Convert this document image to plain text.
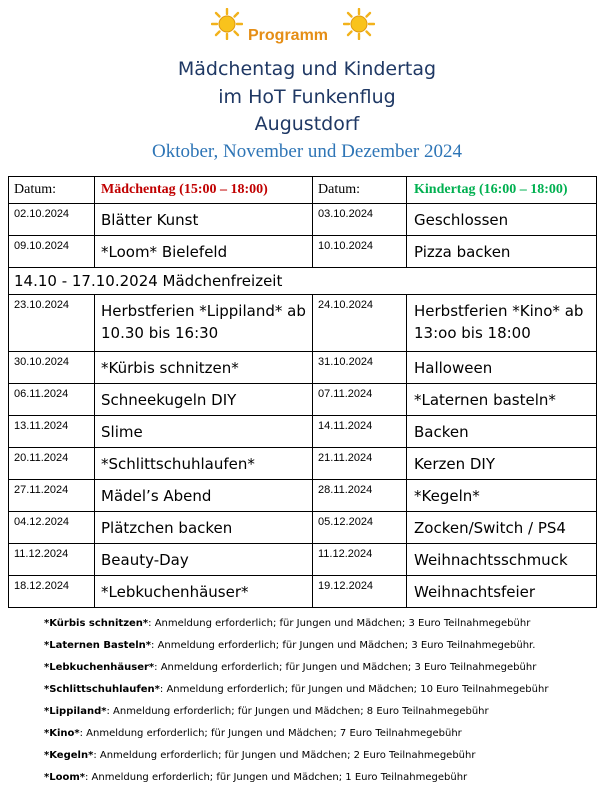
Programm
Mädchentag und Kindertag
im HoT Funkenflug
Augustdorf
Oktober, November und Dezember 2024
Datum:	Mädchentag (15:00 – 18:00)	Datum:	Kindertag (16:00 – 18:00)
02.10.2024	Blätter Kunst	03.10.2024	Geschlossen
09.10.2024	*Loom* Bielefeld	10.10.2024	Pizza backen
14.10 - 17.10.2024 Mädchenfreizeit			
23.10.2024	Herbstferien *Lippiland* ab 10.30 bis 16:30	24.10.2024	Herbstferien *Kino* ab 13:oo bis 18:00
30.10.2024	*Kürbis schnitzen*	31.10.2024	Halloween
06.11.2024	Schneekugeln DIY	07.11.2024	*Laternen basteln*
13.11.2024	Slime	14.11.2024	Backen
20.11.2024	*Schlittschuhlaufen*	21.11.2024	Kerzen DIY
27.11.2024	Mädel’s Abend	28.11.2024	*Kegeln*
04.12.2024	Plätzchen backen	05.12.2024	Zocken/Switch / PS4
11.12.2024	Beauty-Day	11.12.2024	Weihnachtsschmuck
18.12.2024	*Lebkuchenhäuser*	19.12.2024	Weihnachtsfeier
*Kürbis schnitzen*: Anmeldung erforderlich; für Jungen und Mädchen; 3 Euro Teilnahmegebühr
*Laternen Basteln*: Anmeldung erforderlich; für Jungen und Mädchen; 3 Euro Teilnahmegebühr.
*Lebkuchenhäuser*: Anmeldung erforderlich; für Jungen und Mädchen; 3 Euro Teilnahmegebühr
*Schlittschuhlaufen*: Anmeldung erforderlich; für Jungen und Mädchen; 10 Euro Teilnahmegebühr
*Lippiland*: Anmeldung erforderlich; für Jungen und Mädchen; 8 Euro Teilnahmegebühr
*Kino*: Anmeldung erforderlich; für Jungen und Mädchen; 7 Euro Teilnahmegebühr
*Kegeln*: Anmeldung erforderlich; für Jungen und Mädchen; 2 Euro Teilnahmegebühr
*Loom*: Anmeldung erforderlich; für Jungen und Mädchen; 1 Euro Teilnahmegebühr
